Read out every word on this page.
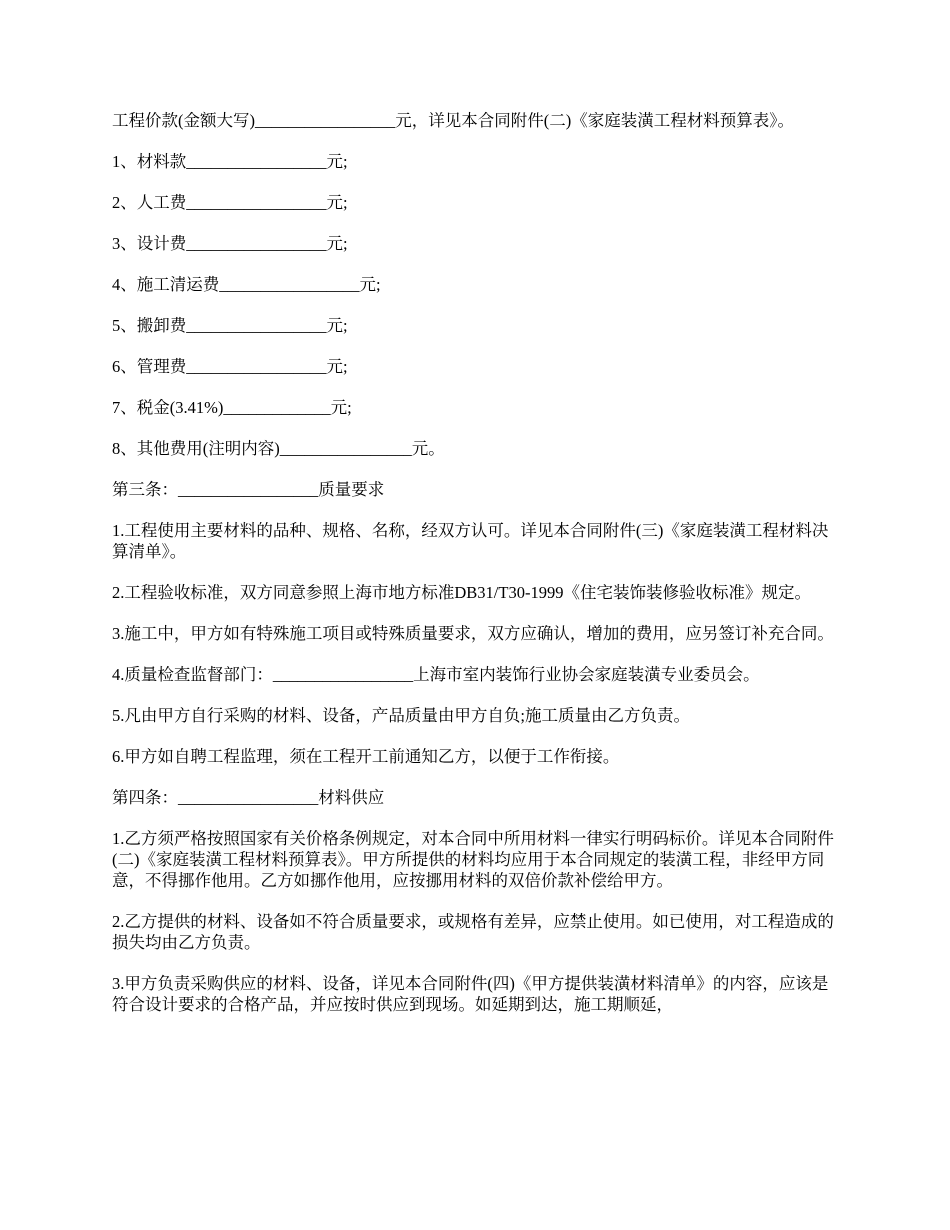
工程价款(金额大写)_________________元，详见本合同附件(二)《家庭装潢工程材料预算表》。

1、材料款_________________元;

2、人工费_________________元;

3、设计费_________________元;

4、施工清运费_________________元;

5、搬卸费_________________元;

6、管理费_________________元;

7、税金(3.41%)_____________元;

8、其他费用(注明内容)________________元。

第三条：_________________质量要求

1.工程使用主要材料的品种、规格、名称，经双方认可。详见本合同附件(三)《家庭装潢工程材料决算清单》。

2.工程验收标准，双方同意参照上海市地方标准DB31/T30-1999《住宅装饰装修验收标准》规定。

3.施工中，甲方如有特殊施工项目或特殊质量要求，双方应确认，增加的费用，应另签订补充合同。

4.质量检查监督部门：_________________上海市室内装饰行业协会家庭装潢专业委员会。

5.凡由甲方自行采购的材料、设备，产品质量由甲方自负;施工质量由乙方负责。

6.甲方如自聘工程监理，须在工程开工前通知乙方，以便于工作衔接。

第四条：_________________材料供应

1.乙方须严格按照国家有关价格条例规定，对本合同中所用材料一律实行明码标价。详见本合同附件(二)《家庭装潢工程材料预算表》。甲方所提供的材料均应用于本合同规定的装潢工程，非经甲方同意，不得挪作他用。乙方如挪作他用，应按挪用材料的双倍价款补偿给甲方。

2.乙方提供的材料、设备如不符合质量要求，或规格有差异，应禁止使用。如已使用，对工程造成的损失均由乙方负责。

3.甲方负责采购供应的材料、设备，详见本合同附件(四)《甲方提供装潢材料清单》的内容，应该是符合设计要求的合格产品，并应按时供应到现场。如延期到达，施工期顺延，
